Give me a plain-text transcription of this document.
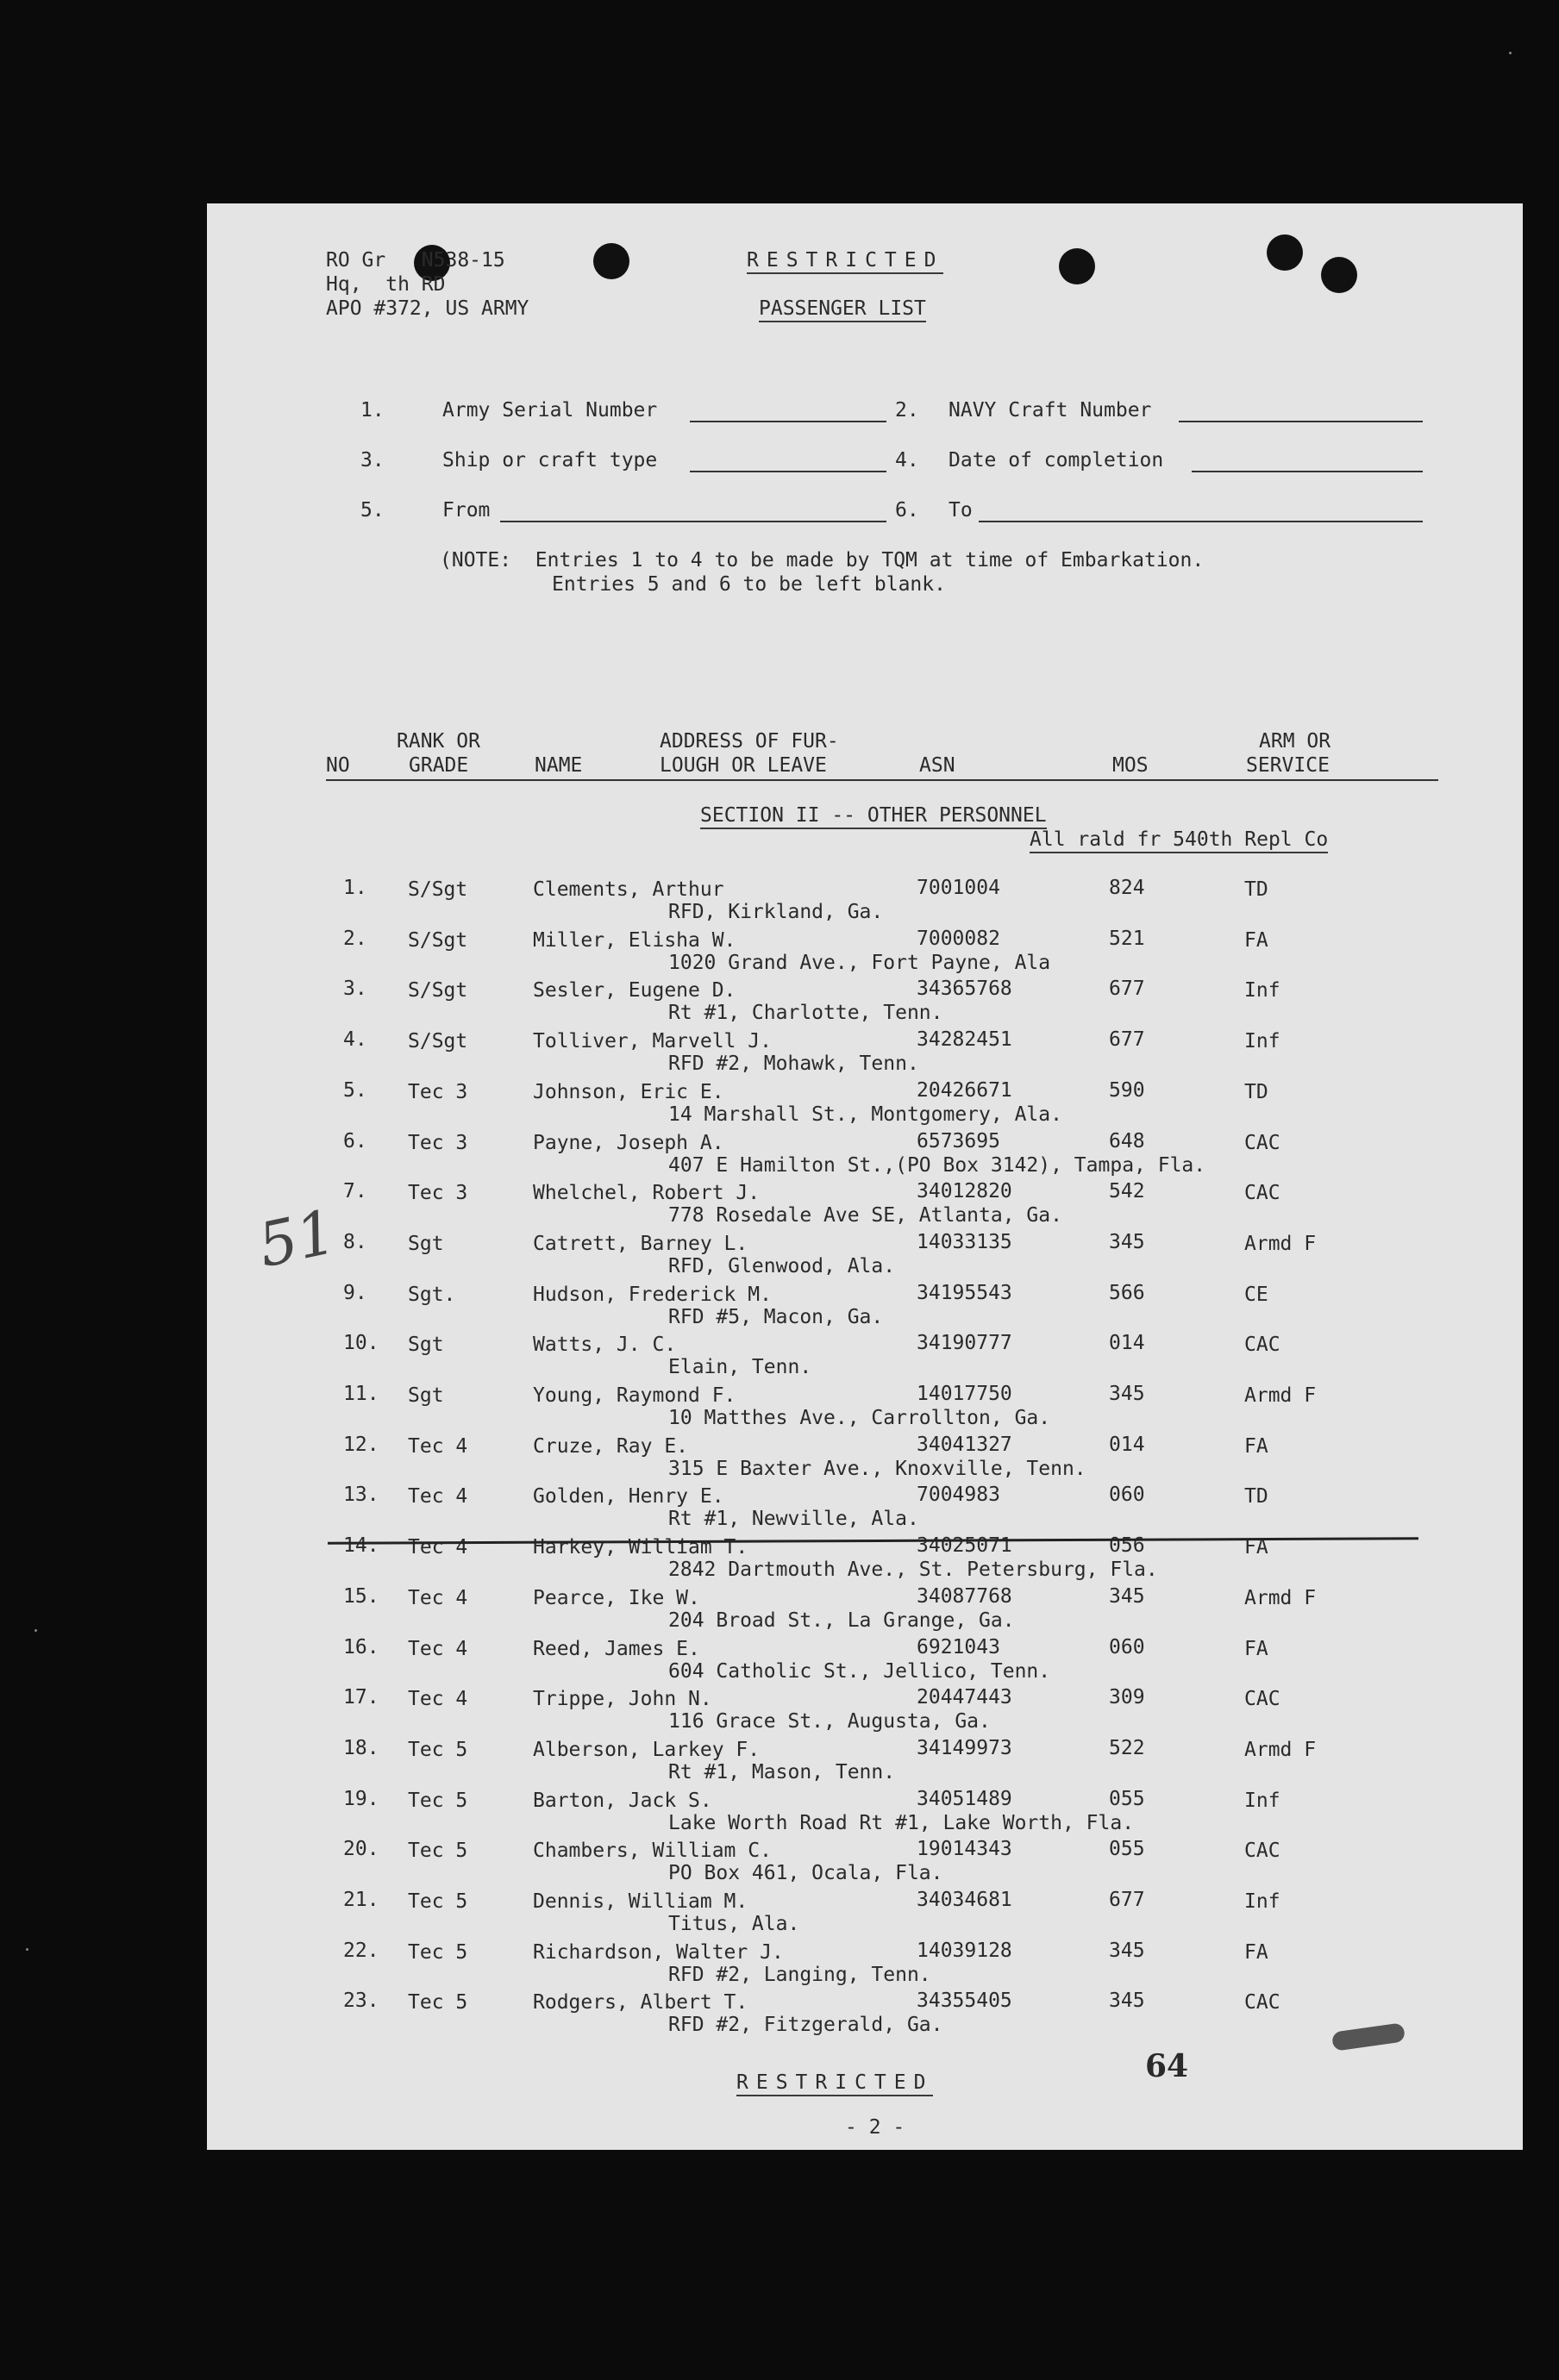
RO Gr   N538-15
Hq,  th RD
APO #372, US ARMY
RESTRICTED
PASSENGER LIST
1.	Army Serial Number	2. NAVY Craft Number
3.	Ship or craft type	4. Date of completion
5.	From	6. To
(NOTE:  Entries 1 to 4 to be made by TQM at time of Embarkation.
Entries 5 and 6 to be left blank.
RANK OR	ADDRESS OF FUR-	ARM OR
NO	GRADE	NAME	LOUGH OR LEAVE	ASN	MOS	SERVICE
SECTION II -- OTHER PERSONNEL
All rald fr 540th Repl Co
1. S/Sgt	Clements, Arthur	7001004	824	TD
RFD, Kirkland, Ga.
2. S/Sgt	Miller, Elisha W.	7000082	521	FA
1020 Grand Ave., Fort Payne, Ala
3. S/Sgt	Sesler, Eugene D.	34365768	677	Inf
Rt #1, Charlotte, Tenn.
4. S/Sgt	Tolliver, Marvell J.	34282451	677	Inf
RFD #2, Mohawk, Tenn.
5. Tec 3	Johnson, Eric E.	20426671	590	TD
14 Marshall St., Montgomery, Ala.
6. Tec 3	Payne, Joseph A.	6573695	648	CAC
407 E Hamilton St.,(PO Box 3142), Tampa, Fla.
7. Tec 3	Whelchel, Robert J.	34012820	542	CAC
778 Rosedale Ave SE, Atlanta, Ga.
8. Sgt	Catrett, Barney L.	14033135	345	Armd F
RFD, Glenwood, Ala.
9. Sgt.	Hudson, Frederick M.	34195543	566	CE
RFD #5, Macon, Ga.
10. Sgt	Watts, J. C.	34190777	014	CAC
Elain, Tenn.
11. Sgt	Young, Raymond F.	14017750	345	Armd F
10 Matthes Ave., Carrollton, Ga.
12. Tec 4	Cruze, Ray E.	34041327	014	FA
315 E Baxter Ave., Knoxville, Tenn.
13. Tec 4	Golden, Henry E.	7004983	060	TD
Rt #1, Newville, Ala.
14. Tec 4	Harkey, William T.	34025071	056	FA
2842 Dartmouth Ave., St. Petersburg, Fla.
15. Tec 4	Pearce, Ike W.	34087768	345	Armd F
204 Broad St., La Grange, Ga.
16. Tec 4	Reed, James E.	6921043	060	FA
604 Catholic St., Jellico, Tenn.
17. Tec 4	Trippe, John N.	20447443	309	CAC
116 Grace St., Augusta, Ga.
18. Tec 5	Alberson, Larkey F.	34149973	522	Armd F
Rt #1, Mason, Tenn.
19. Tec 5	Barton, Jack S.	34051489	055	Inf
Lake Worth Road Rt #1, Lake Worth, Fla.
20. Tec 5	Chambers, William C.	19014343	055	CAC
PO Box 461, Ocala, Fla.
21. Tec 5	Dennis, William M.	34034681	677	Inf
Titus, Ala.
22. Tec 5	Richardson, Walter J.	14039128	345	FA
RFD #2, Langing, Tenn.
23. Tec 5	Rodgers, Albert T.	34355405	345	CAC
RFD #2, Fitzgerald, Ga.
51
RESTRICTED	64
- 2 -
